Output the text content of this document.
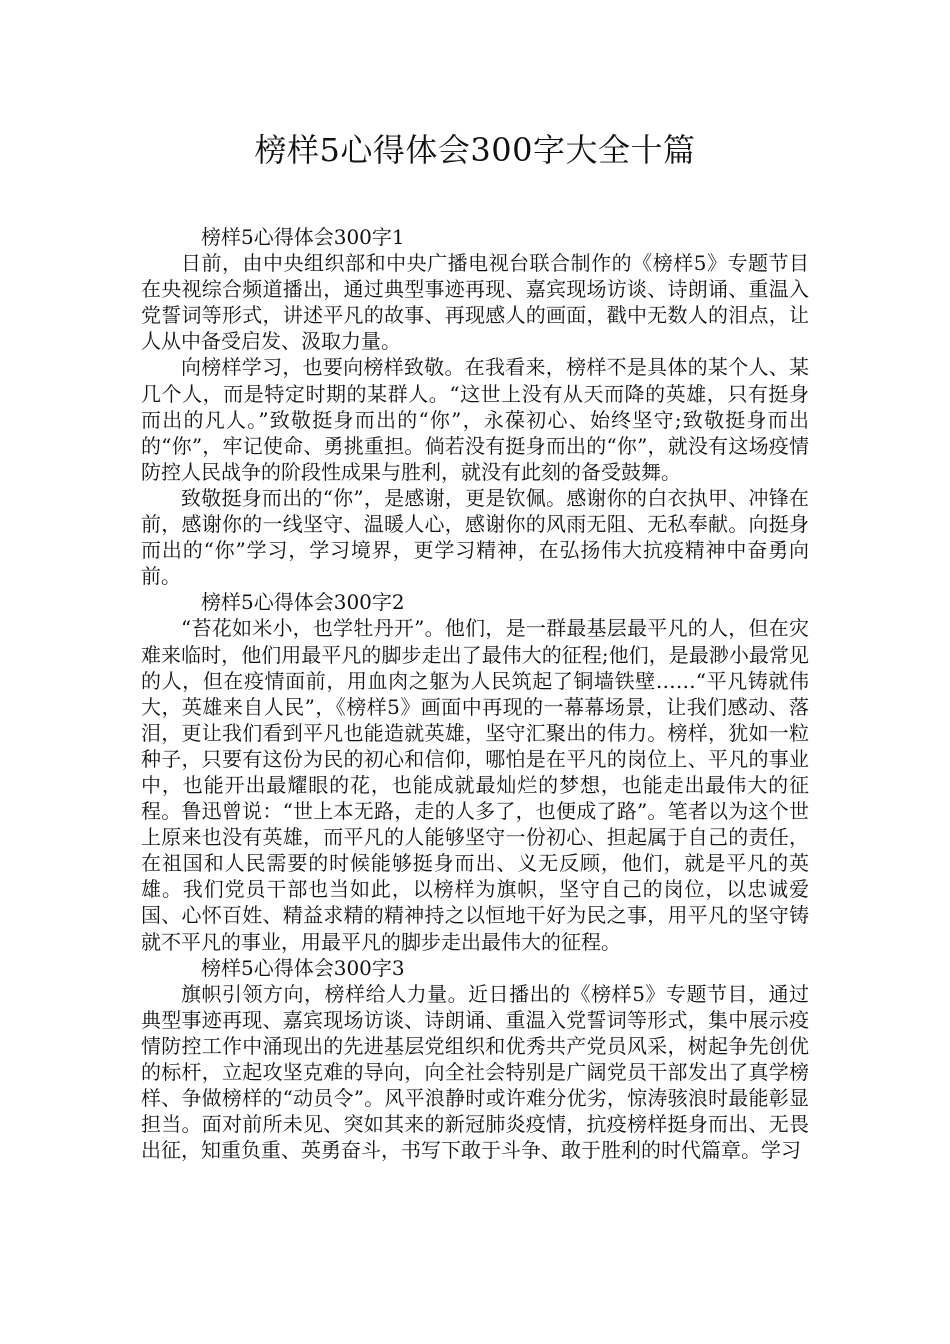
榜样5心得体会300字大全十篇

榜样5心得体会300字1

日前，由中央组织部和中央广播电视台联合制作的《榜样5》专题节目在央视综合频道播出，通过典型事迹再现、嘉宾现场访谈、诗朗诵、重温入党誓词等形式，讲述平凡的故事、再现感人的画面，戳中无数人的泪点，让人从中备受启发、汲取力量。

向榜样学习，也要向榜样致敬。在我看来，榜样不是具体的某个人、某几个人，而是特定时期的某群人。“这世上没有从天而降的英雄，只有挺身而出的凡人。”致敬挺身而出的“你”，永葆初心、始终坚守;致敬挺身而出的“你”，牢记使命、勇挑重担。倘若没有挺身而出的“你”，就没有这场疫情防控人民战争的阶段性成果与胜利，就没有此刻的备受鼓舞。

致敬挺身而出的“你”，是感谢，更是钦佩。感谢你的白衣执甲、冲锋在前，感谢你的一线坚守、温暖人心，感谢你的风雨无阻、无私奉献。向挺身而出的“你”学习，学习境界，更学习精神，在弘扬伟大抗疫精神中奋勇向前。

榜样5心得体会300字2

“苔花如米小，也学牡丹开”。他们，是一群最基层最平凡的人，但在灾难来临时，他们用最平凡的脚步走出了最伟大的征程;他们，是最渺小最常见的人，但在疫情面前，用血肉之躯为人民筑起了铜墙铁壁……“平凡铸就伟大，英雄来自人民”，《榜样5》画面中再现的一幕幕场景，让我们感动、落泪，更让我们看到平凡也能造就英雄，坚守汇聚出的伟力。榜样，犹如一粒种子，只要有这份为民的初心和信仰，哪怕是在平凡的岗位上、平凡的事业中，也能开出最耀眼的花，也能成就最灿烂的梦想，也能走出最伟大的征程。鲁迅曾说：“世上本无路，走的人多了，也便成了路”。笔者以为这个世上原来也没有英雄，而平凡的人能够坚守一份初心、担起属于自己的责任，在祖国和人民需要的时候能够挺身而出、义无反顾，他们，就是平凡的英雄。我们党员干部也当如此，以榜样为旗帜，坚守自己的岗位，以忠诚爱国、心怀百姓、精益求精的精神持之以恒地干好为民之事，用平凡的坚守铸就不平凡的事业，用最平凡的脚步走出最伟大的征程。

榜样5心得体会300字3

旗帜引领方向，榜样给人力量。近日播出的《榜样5》专题节目，通过典型事迹再现、嘉宾现场访谈、诗朗诵、重温入党誓词等形式，集中展示疫情防控工作中涌现出的先进基层党组织和优秀共产党员风采，树起争先创优的标杆，立起攻坚克难的导向，向全社会特别是广阔党员干部发出了真学榜样、争做榜样的“动员令”。风平浪静时或许难分优劣，惊涛骇浪时最能彰显担当。面对前所未见、突如其来的新冠肺炎疫情，抗疫榜样挺身而出、无畏出征，知重负重、英勇奋斗，书写下敢于斗争、敢于胜利的时代篇章。学习
